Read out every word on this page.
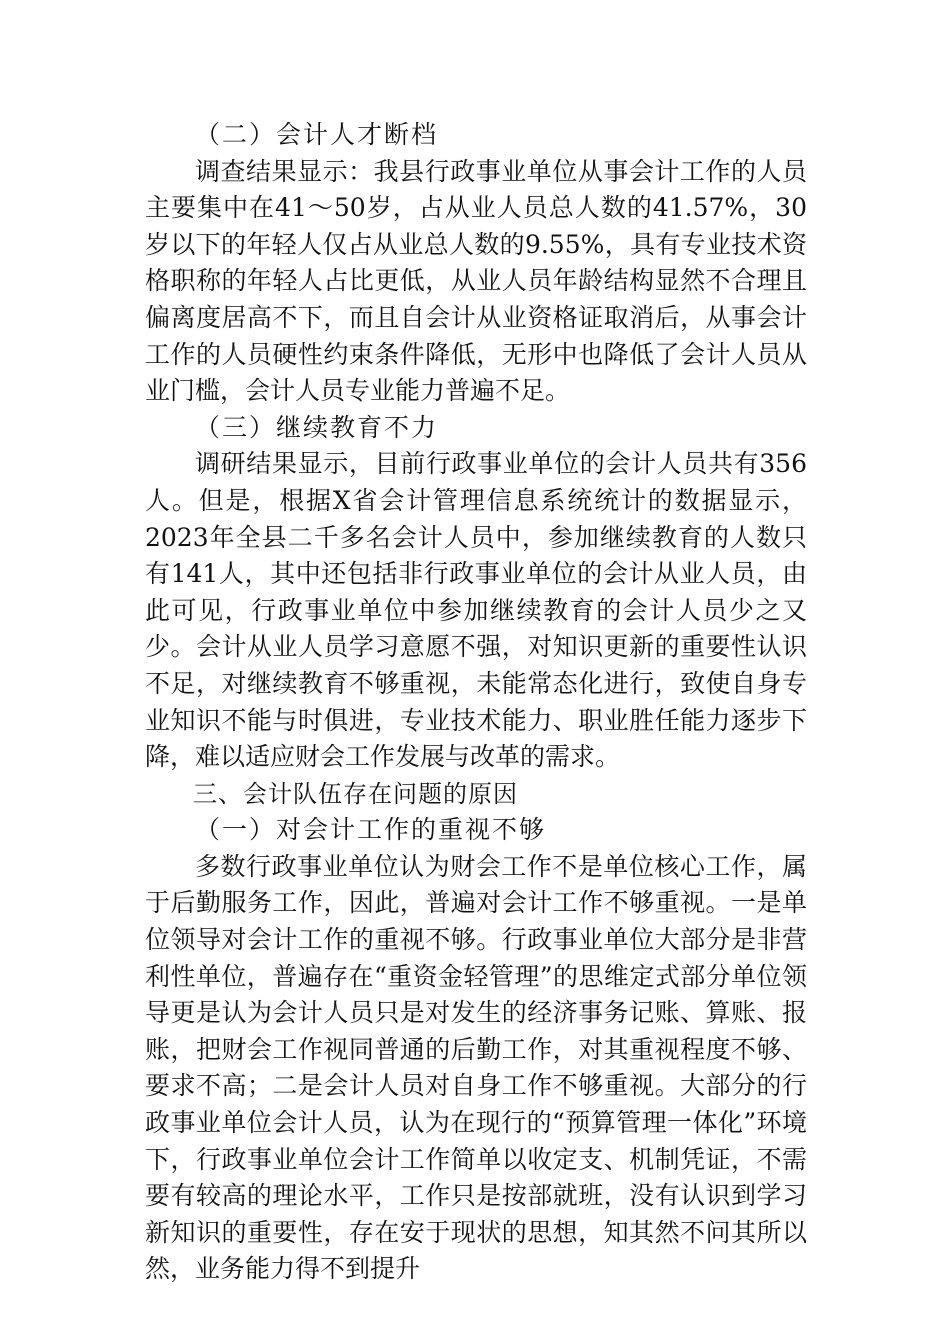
（二）会计人才断档

调查结果显示：我县行政事业单位从事会计工作的人员主要集中在41～50岁，占从业人员总人数的41.57%，30岁以下的年轻人仅占从业总人数的9.55%，具有专业技术资格职称的年轻人占比更低，从业人员年龄结构显然不合理且偏离度居高不下，而且自会计从业资格证取消后，从事会计工作的人员硬性约束条件降低，无形中也降低了会计人员从业门槛，会计人员专业能力普遍不足。

（三）继续教育不力

调研结果显示，目前行政事业单位的会计人员共有356人。但是，根据X省会计管理信息系统统计的数据显示，2023年全县二千多名会计人员中，参加继续教育的人数只有141人，其中还包括非行政事业单位的会计从业人员，由此可见，行政事业单位中参加继续教育的会计人员少之又少。会计从业人员学习意愿不强，对知识更新的重要性认识不足，对继续教育不够重视，未能常态化进行，致使自身专业知识不能与时俱进，专业技术能力、职业胜任能力逐步下降，难以适应财会工作发展与改革的需求。

三、会计队伍存在问题的原因

（一）对会计工作的重视不够

多数行政事业单位认为财会工作不是单位核心工作，属于后勤服务工作，因此，普遍对会计工作不够重视。一是单位领导对会计工作的重视不够。行政事业单位大部分是非营利性单位，普遍存在“重资金轻管理”的思维定式部分单位领导更是认为会计人员只是对发生的经济事务记账、算账、报账，把财会工作视同普通的后勤工作，对其重视程度不够、要求不高；二是会计人员对自身工作不够重视。大部分的行政事业单位会计人员，认为在现行的“预算管理一体化”环境下，行政事业单位会计工作简单以收定支、机制凭证，不需要有较高的理论水平，工作只是按部就班，没有认识到学习新知识的重要性，存在安于现状的思想，知其然不问其所以然，业务能力得不到提升
